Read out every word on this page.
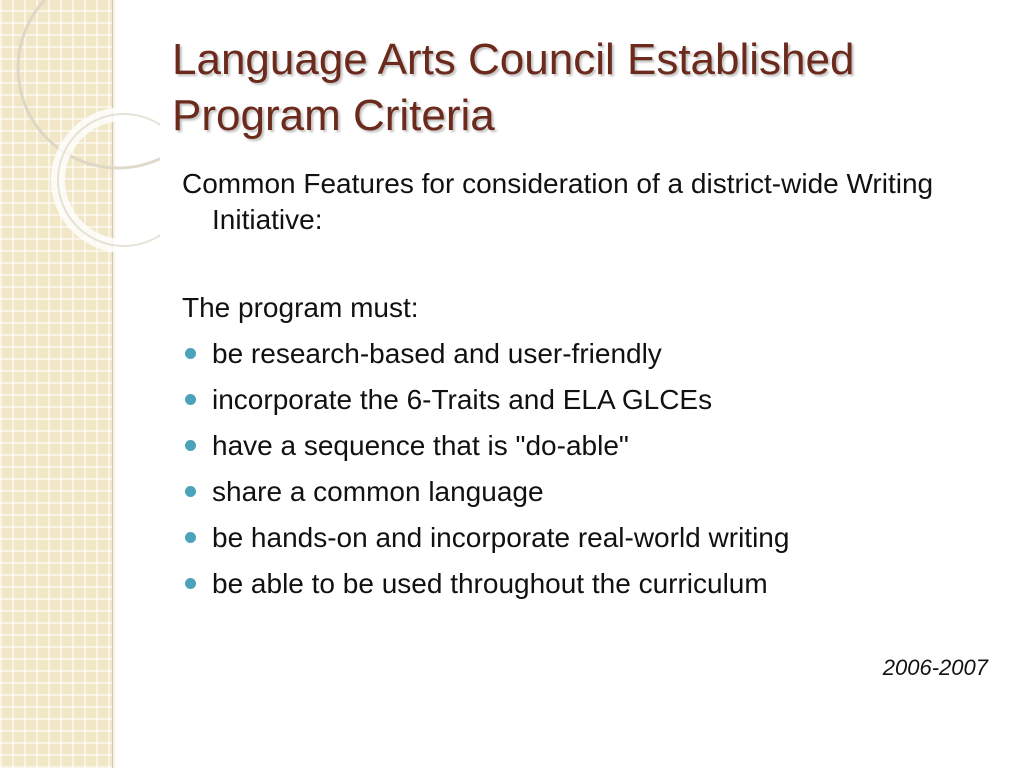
Language Arts Council Established Program Criteria

Common Features for consideration of a district-wide Writing Initiative:

The program must:

be research-based and user-friendly
incorporate the 6-Traits and ELA GLCEs
have a sequence that is "do-able"
share a common language
be hands-on and incorporate real-world writing
be able to be used throughout the curriculum

2006-2007
